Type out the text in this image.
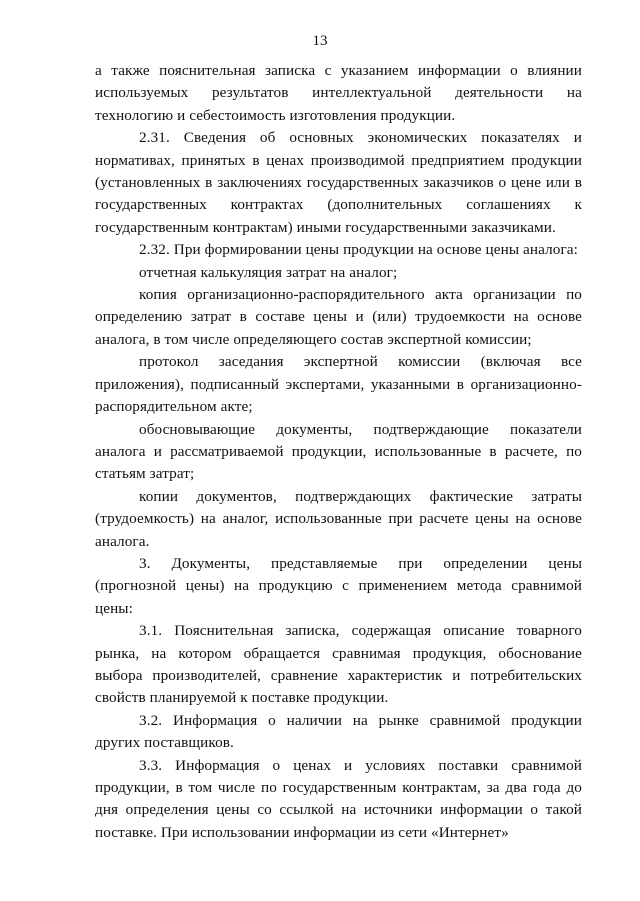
13

а также пояснительная записка с указанием информации о влиянии используемых результатов интеллектуальной деятельности на технологию и себестоимость изготовления продукции.

2.31. Сведения об основных экономических показателях и нормативах, принятых в ценах производимой предприятием продукции (установленных в заключениях государственных заказчиков о цене или в государственных контрактах (дополнительных соглашениях к государственным контрактам) иными государственными заказчиками.

2.32. При формировании цены продукции на основе цены аналога:

отчетная калькуляция затрат на аналог;

копия организационно-распорядительного акта организации по определению затрат в составе цены и (или) трудоемкости на основе аналога, в том числе определяющего состав экспертной комиссии;

протокол заседания экспертной комиссии (включая все приложения), подписанный экспертами, указанными в организационно-распорядительном акте;

обосновывающие документы, подтверждающие показатели аналога и рассматриваемой продукции, использованные в расчете, по статьям затрат;

копии документов, подтверждающих фактические затраты (трудоемкость) на аналог, использованные при расчете цены на основе аналога.

3. Документы, представляемые при определении цены (прогнозной цены) на продукцию с применением метода сравнимой цены:

3.1. Пояснительная записка, содержащая описание товарного рынка, на котором обращается сравнимая продукция, обоснование выбора производителей, сравнение характеристик и потребительских свойств планируемой к поставке продукции.

3.2. Информация о наличии на рынке сравнимой продукции других поставщиков.

3.3. Информация о ценах и условиях поставки сравнимой продукции, в том числе по государственным контрактам, за два года до дня определения цены со ссылкой на источники информации о такой поставке. При использовании информации из сети «Интернет»
